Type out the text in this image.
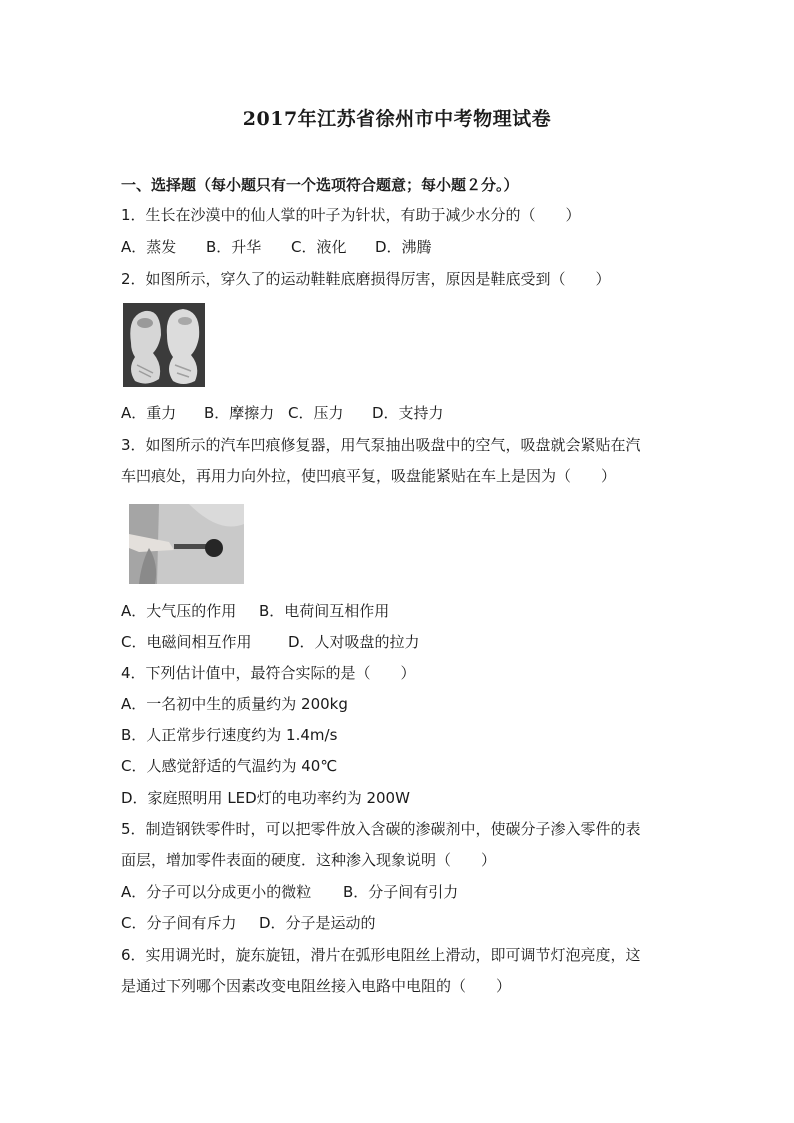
2017年江苏省徐州市中考物理试卷
一、选择题（每小题只有一个选项符合题意；每小题２分。）
1．生长在沙漠中的仙人掌的叶子为针状，有助于减少水分的（　　）
A．蒸发 B．升华 C．液化 D．沸腾
2．如图所示，穿久了的运动鞋鞋底磨损得厉害，原因是鞋底受到（　　）
A．重力 B．摩擦力 C．压力 D．支持力
3．如图所示的汽车凹痕修复器，用气泵抽出吸盘中的空气，吸盘就会紧贴在汽
车凹痕处，再用力向外拉，使凹痕平复，吸盘能紧贴在车上是因为（　　）
A．大气压的作用 B．电荷间互相作用
C．电磁间相互作用 D．人对吸盘的拉力
4．下列估计值中，最符合实际的是（　　）
A．一名初中生的质量约为 200kg
B．人正常步行速度约为 1.4m/s
C．人感觉舒适的气温约为 40℃
D．家庭照明用 LED灯的电功率约为 200W
5．制造钢铁零件时，可以把零件放入含碳的渗碳剂中，使碳分子渗入零件的表
面层，增加零件表面的硬度．这种渗入现象说明（　　）
A．分子可以分成更小的微粒 B．分子间有引力
C．分子间有斥力 D．分子是运动的
6．实用调光时，旋东旋钮，滑片在弧形电阻丝上滑动，即可调节灯泡亮度，这
是通过下列哪个因素改变电阻丝接入电路中电阻的（　　）
